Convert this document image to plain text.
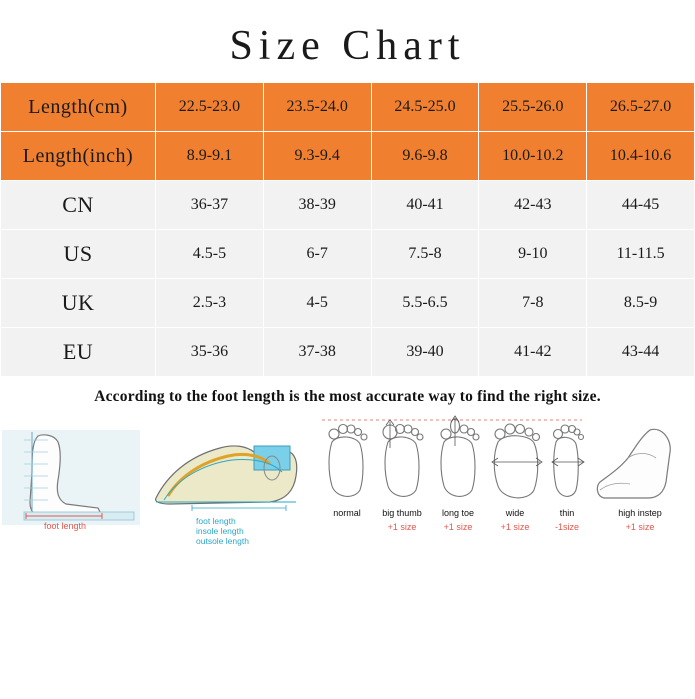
Size Chart
Length(cm)	22.5-23.0	23.5-24.0	24.5-25.0	25.5-26.0	26.5-27.0
Length(inch)	8.9-9.1	9.3-9.4	9.6-9.8	10.0-10.2	10.4-10.6
CN	36-37	38-39	40-41	42-43	44-45
US	4.5-5	6-7	7.5-8	9-10	11-11.5
UK	2.5-3	4-5	5.5-6.5	7-8	8.5-9
EU	35-36	37-38	39-40	41-42	43-44
According to the foot length is the most accurate way to find the right size.
foot length	foot length
insole length
outsole length
normal	big thumb
+1 size
long toe
+1 size
wide
+1 size
thin
-1size
high instep
+1 size
